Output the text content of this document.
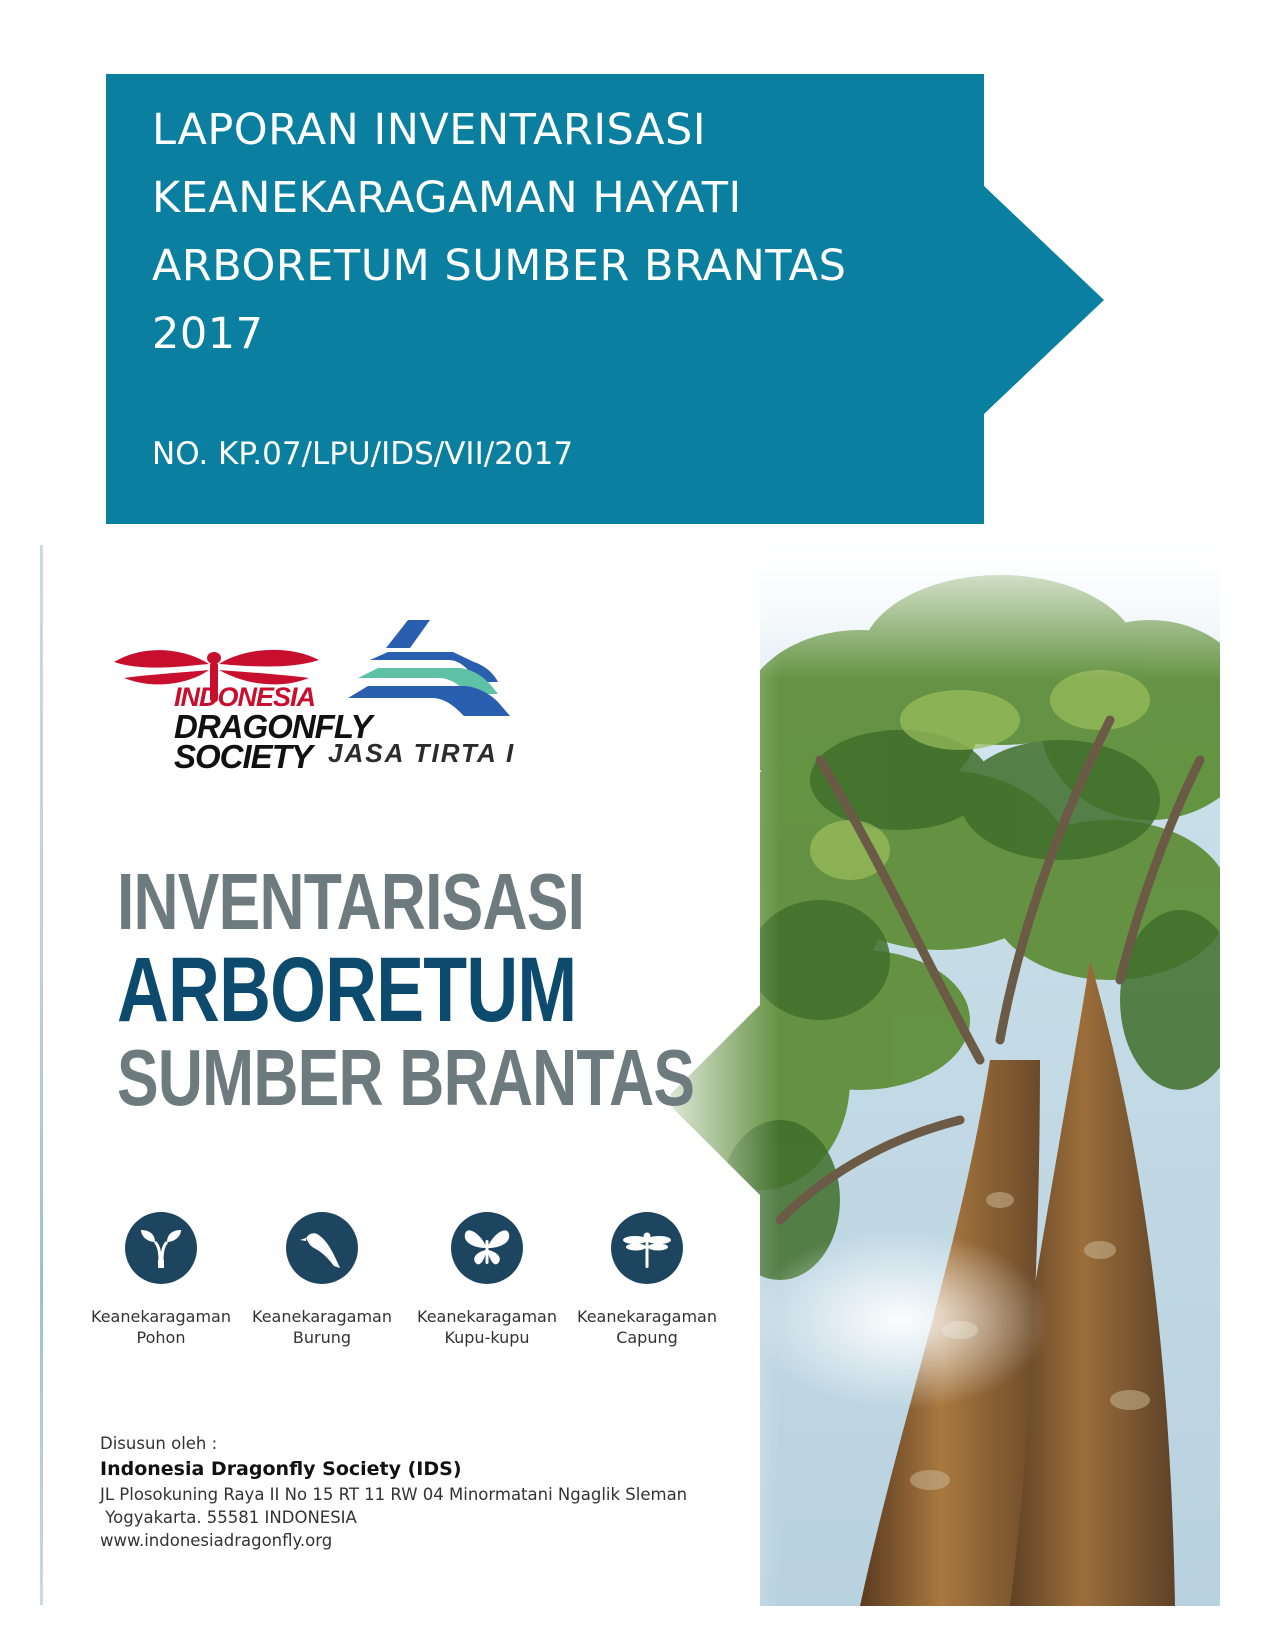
LAPORAN INVENTARISASI
KEANEKARAGAMAN HAYATI
ARBORETUM SUMBER BRANTAS
2017
NO. KP.07/LPU/IDS/VII/2017
INDONESIA
DRAGONFLY
SOCIETY JASA TIRTA I
INVENTARISASI
ARBORETUM
SUMBER BRANTAS
Keanekaragaman
Pohon
Keanekaragaman
Burung
Keanekaragaman
Kupu-kupu
Keanekaragaman
Capung
Disusun oleh :
Indonesia Dragonfly Society (IDS)
JL Plosokuning Raya II No 15 RT 11 RW 04 Minormatani Ngaglik Sleman
Yogyakarta. 55581 INDONESIA
www.indonesiadragonfly.org
